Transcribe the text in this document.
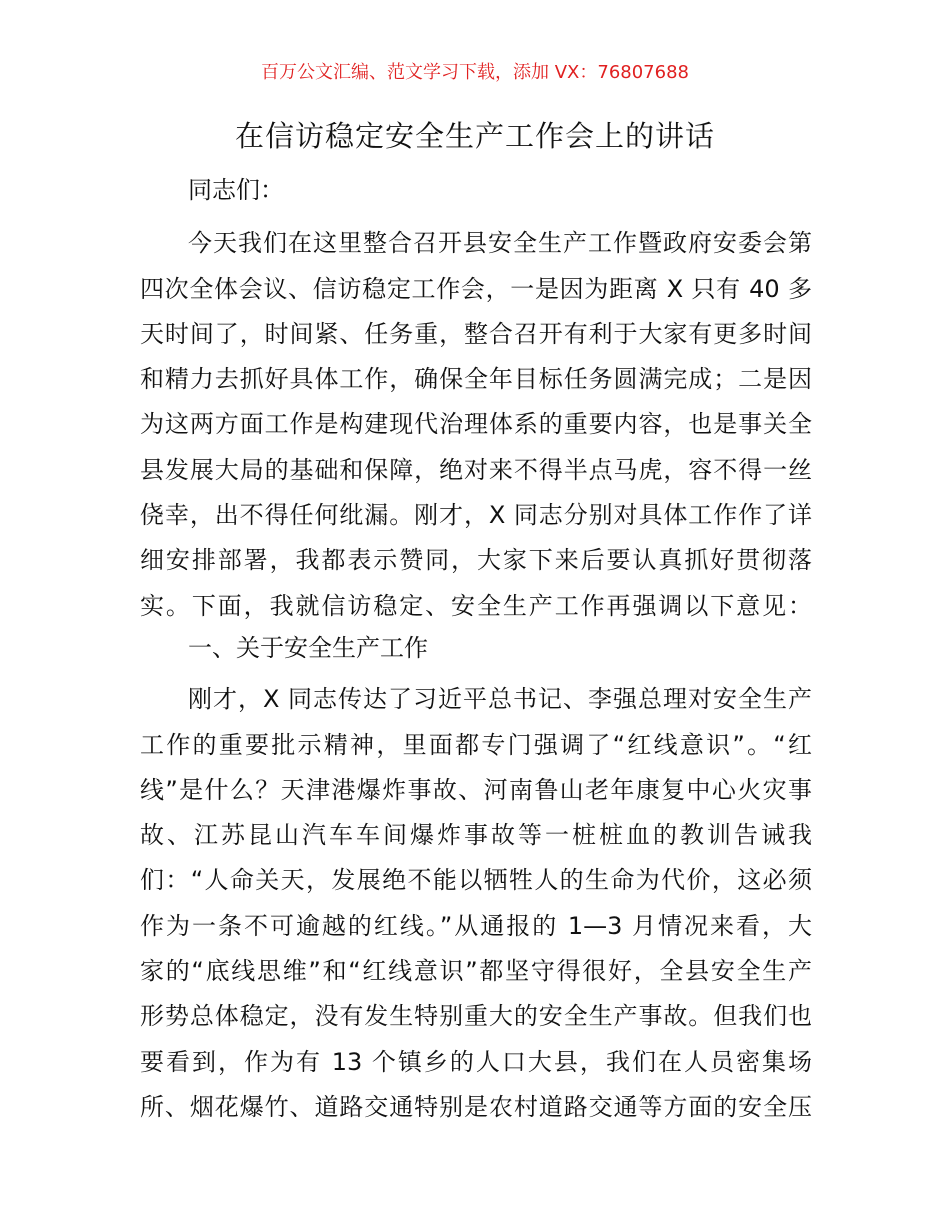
百万公文汇编、范文学习下载，添加 VX：76807688
在信访稳定安全生产工作会上的讲话
同志们：
今天我们在这里整合召开县安全生产工作暨政府安委会第
四次全体会议、信访稳定工作会，一是因为距离 X 只有 40 多
天时间了，时间紧、任务重，整合召开有利于大家有更多时间
和精力去抓好具体工作，确保全年目标任务圆满完成；二是因
为这两方面工作是构建现代治理体系的重要内容，也是事关全
县发展大局的基础和保障，绝对来不得半点马虎，容不得一丝
侥幸，出不得任何纰漏。刚才，X 同志分别对具体工作作了详
细安排部署，我都表示赞同，大家下来后要认真抓好贯彻落
实。下面，我就信访稳定、安全生产工作再强调以下意见：
一、关于安全生产工作
刚才，X 同志传达了习近平总书记、李强总理对安全生产
工作的重要批示精神，里面都专门强调了“红线意识”。“红
线”是什么？天津港爆炸事故、河南鲁山老年康复中心火灾事
故、江苏昆山汽车车间爆炸事故等一桩桩血的教训告诫我
们：“人命关天，发展绝不能以牺牲人的生命为代价，这必须
作为一条不可逾越的红线。”从通报的 1—3 月情况来看，大
家的“底线思维”和“红线意识”都坚守得很好，全县安全生产
形势总体稳定，没有发生特别重大的安全生产事故。但我们也
要看到，作为有 13 个镇乡的人口大县，我们在人员密集场
所、烟花爆竹、道路交通特别是农村道路交通等方面的安全压
